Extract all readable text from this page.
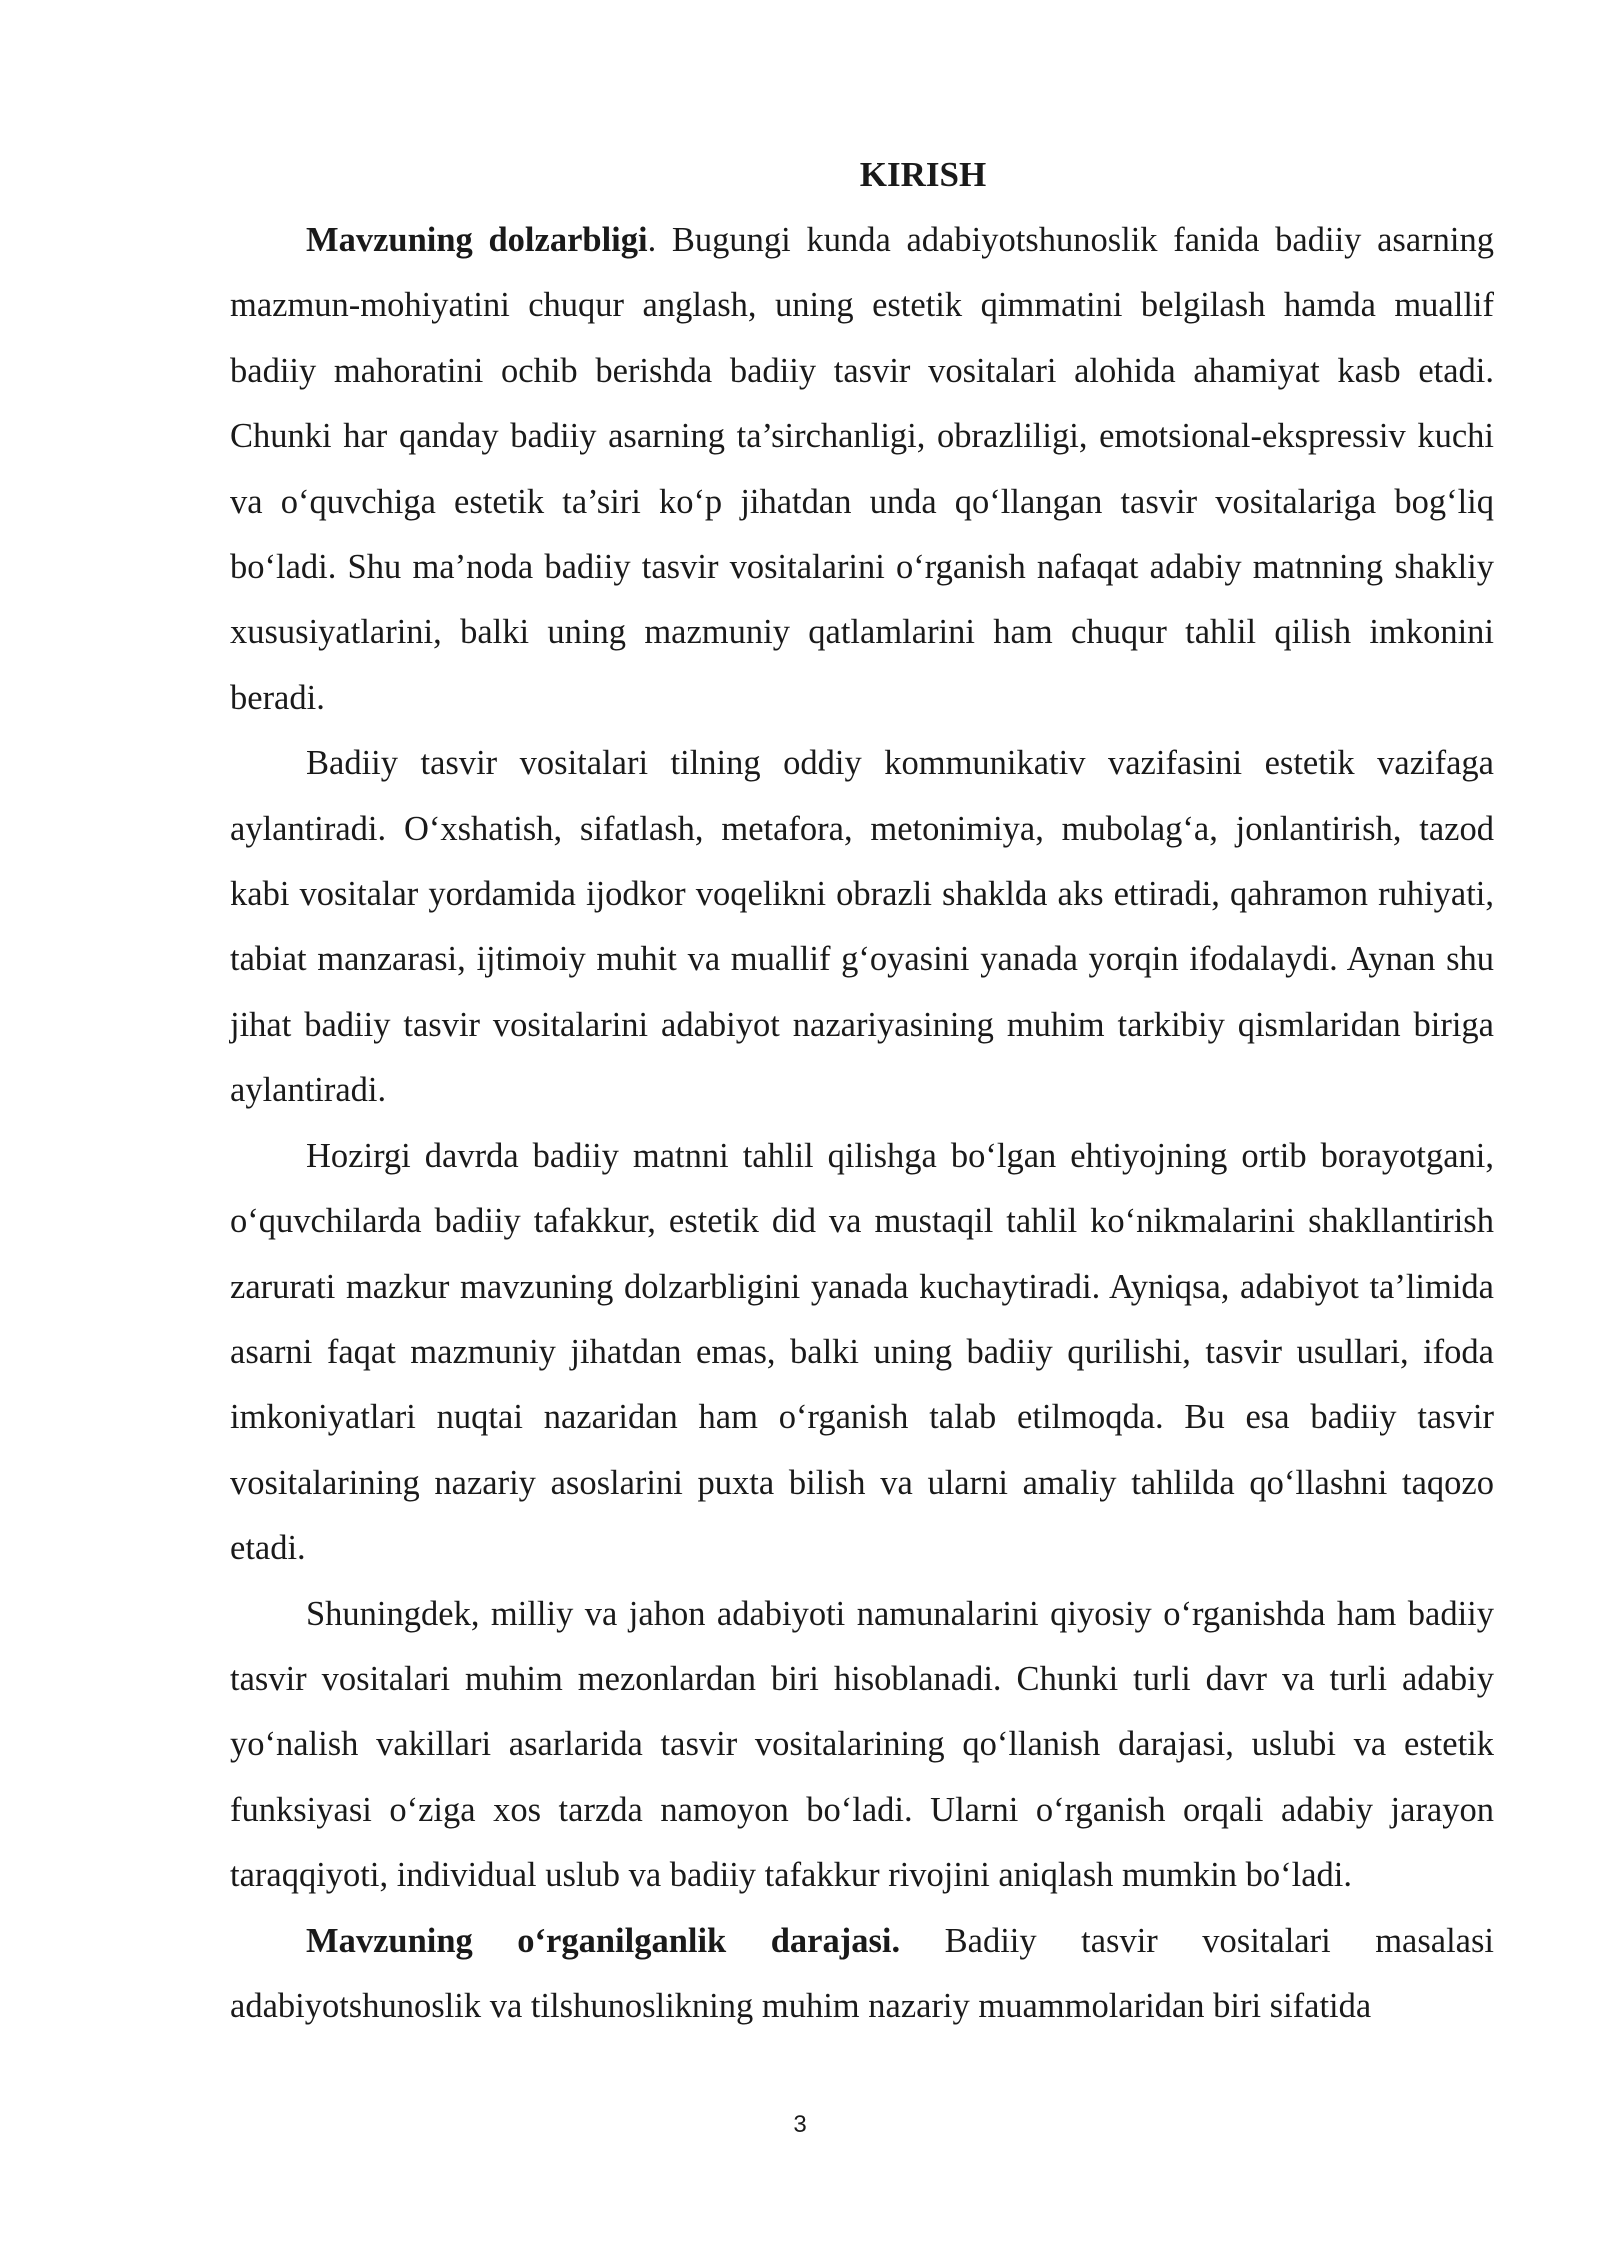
KIRISH

Mavzuning dolzarbligi. Bugungi kunda adabiyotshunoslik fanida badiiy asarning mazmun-mohiyatini chuqur anglash, uning estetik qimmatini belgilash hamda muallif badiiy mahoratini ochib berishda badiiy tasvir vositalari alohida ahamiyat kasb etadi. Chunki har qanday badiiy asarning ta’sirchanligi, obrazliligi, emotsional-ekspressiv kuchi va o‘quvchiga estetik ta’siri ko‘p jihatdan unda qo‘llangan tasvir vositalariga bog‘liq bo‘ladi. Shu ma’noda badiiy tasvir vositalarini o‘rganish nafaqat adabiy matnning shakliy xususiyatlarini, balki uning mazmuniy qatlamlarini ham chuqur tahlil qilish imkonini beradi.

Badiiy tasvir vositalari tilning oddiy kommunikativ vazifasini estetik vazifaga aylantiradi. O‘xshatish, sifatlash, metafora, metonimiya, mubolag‘a, jonlantirish, tazod kabi vositalar yordamida ijodkor voqelikni obrazli shaklda aks ettiradi, qahramon ruhiyati, tabiat manzarasi, ijtimoiy muhit va muallif g‘oyasini yanada yorqin ifodalaydi. Aynan shu jihat badiiy tasvir vositalarini adabiyot nazariyasining muhim tarkibiy qismlaridan biriga aylantiradi.

Hozirgi davrda badiiy matnni tahlil qilishga bo‘lgan ehtiyojning ortib borayotgani, o‘quvchilarda badiiy tafakkur, estetik did va mustaqil tahlil ko‘nikmalarini shakllantirish zarurati mazkur mavzuning dolzarbligini yanada kuchaytiradi. Ayniqsa, adabiyot ta’limida asarni faqat mazmuniy jihatdan emas, balki uning badiiy qurilishi, tasvir usullari, ifoda imkoniyatlari nuqtai nazaridan ham o‘rganish talab etilmoqda. Bu esa badiiy tasvir vositalarining nazariy asoslarini puxta bilish va ularni amaliy tahlilda qo‘llashni taqozo etadi.

Shuningdek, milliy va jahon adabiyoti namunalarini qiyosiy o‘rganishda ham badiiy tasvir vositalari muhim mezonlardan biri hisoblanadi. Chunki turli davr va turli adabiy yo‘nalish vakillari asarlarida tasvir vositalarining qo‘llanish darajasi, uslubi va estetik funksiyasi o‘ziga xos tarzda namoyon bo‘ladi. Ularni o‘rganish orqali adabiy jarayon taraqqiyoti, individual uslub va badiiy tafakkur rivojini aniqlash mumkin bo‘ladi.

Mavzuning o‘rganilganlik darajasi. Badiiy tasvir vositalari masalasi adabiyotshunoslik va tilshunoslikning muhim nazariy muammolaridan biri sifatida

3
